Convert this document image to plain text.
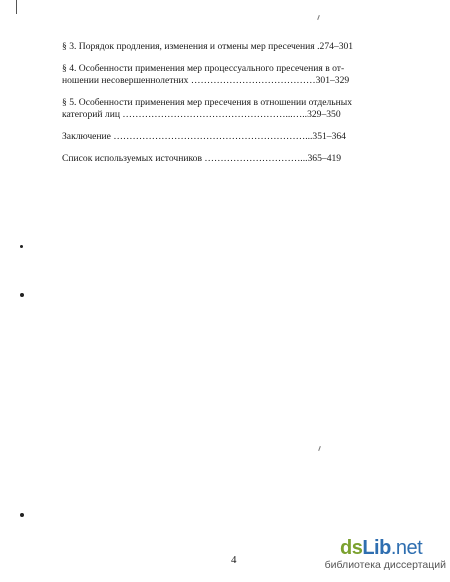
§ 3. Порядок продления, изменения и отмены мер пресечения .274–301
§ 4. Особенности применения мер процессуального пресечения в от-
ношении несовершеннолетних …………………………………301–329
§ 5. Особенности применения мер пресечения в отношении отдельных
категорий лиц ……………………………………………...…..329–350
Заключение ……………………………………………………...351–364
Список используемых источников …………………………...365–419
4
dsLib.net
библиотека диссертаций
